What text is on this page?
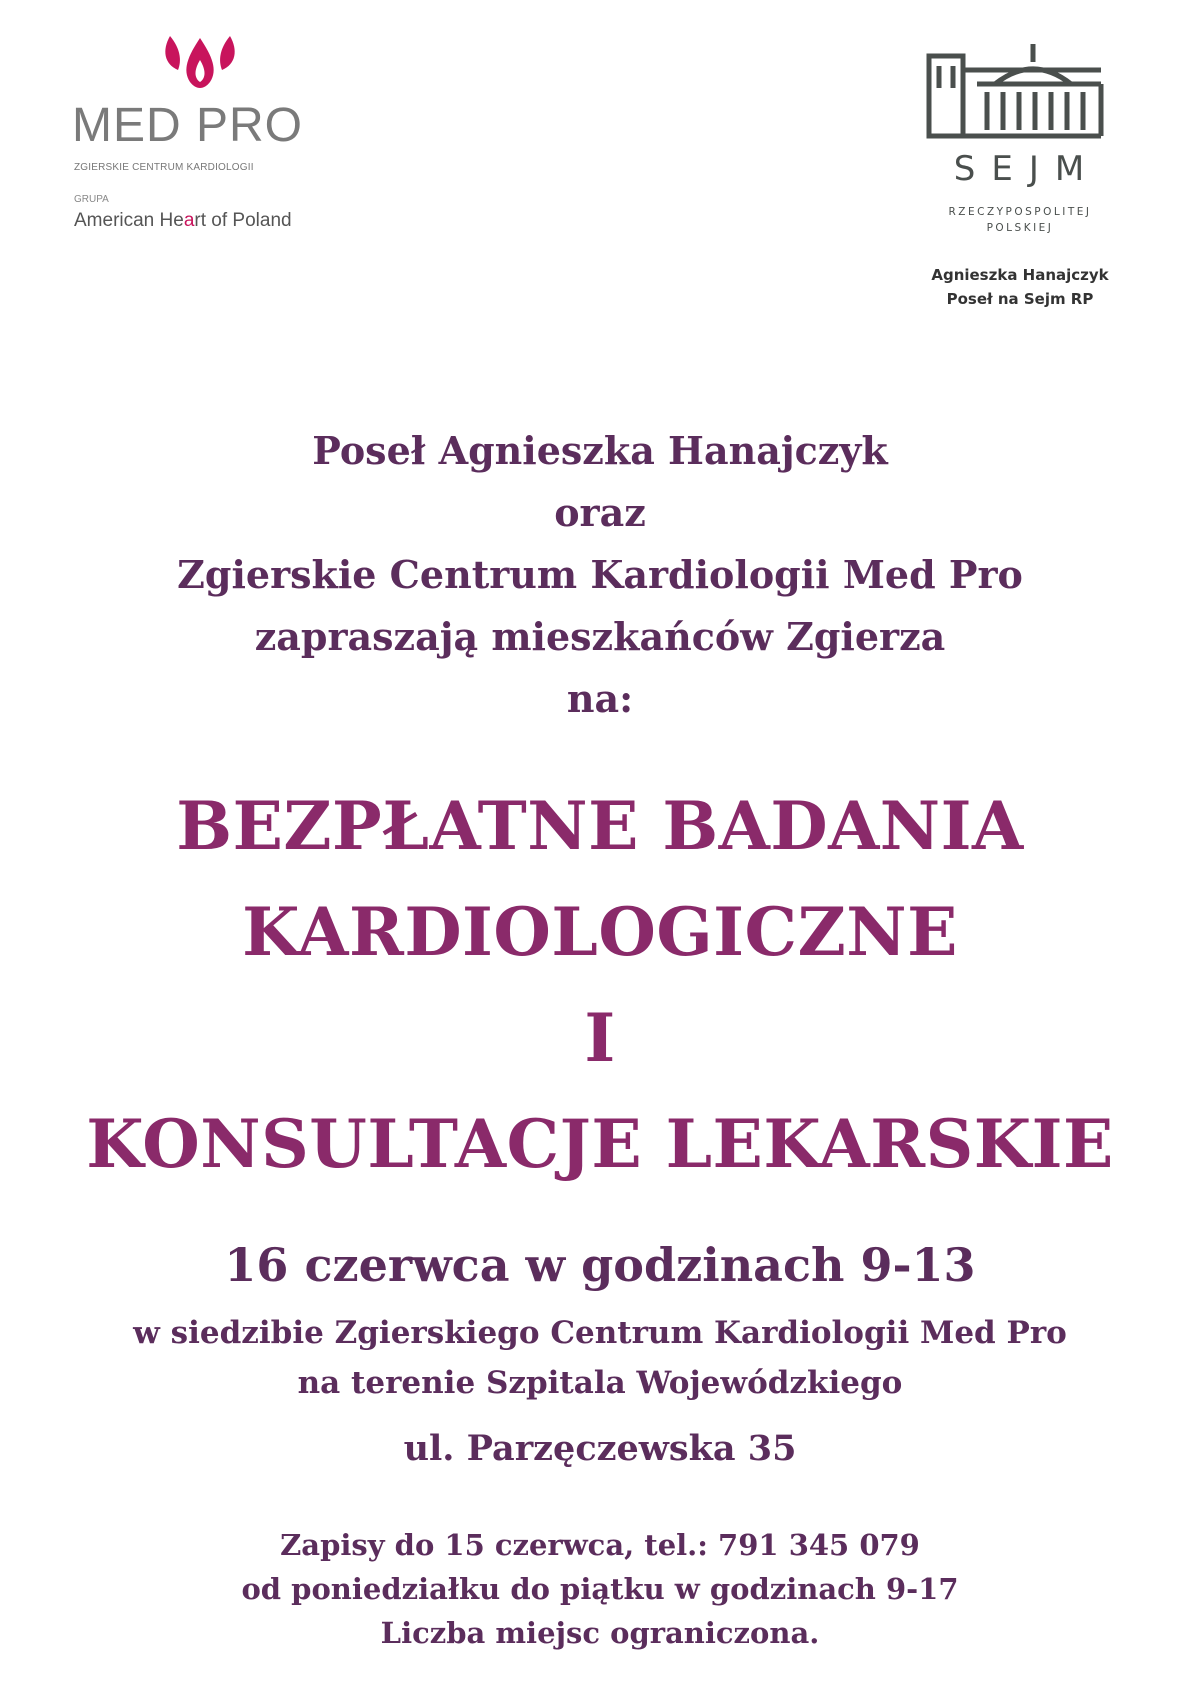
MED PRO
ZGIERSKIE CENTRUM KARDIOLOGII
GRUPA
American Heart of Poland
SEJM
RZECZYPOSPOLITEJ
POLSKIEJ
Agnieszka Hanajczyk
Poseł na Sejm RP
Poseł Agnieszka Hanajczyk
oraz
Zgierskie Centrum Kardiologii Med Pro
zapraszają mieszkańców Zgierza
na:
BEZPŁATNE BADANIA
KARDIOLOGICZNE
I
KONSULTACJE LEKARSKIE
16 czerwca w godzinach 9-13
w siedzibie Zgierskiego Centrum Kardiologii Med Pro
na terenie Szpitala Wojewódzkiego
ul. Parzęczewska 35
Zapisy do 15 czerwca, tel.: 791 345 079
od poniedziałku do piątku w godzinach 9-17
Liczba miejsc ograniczona.
